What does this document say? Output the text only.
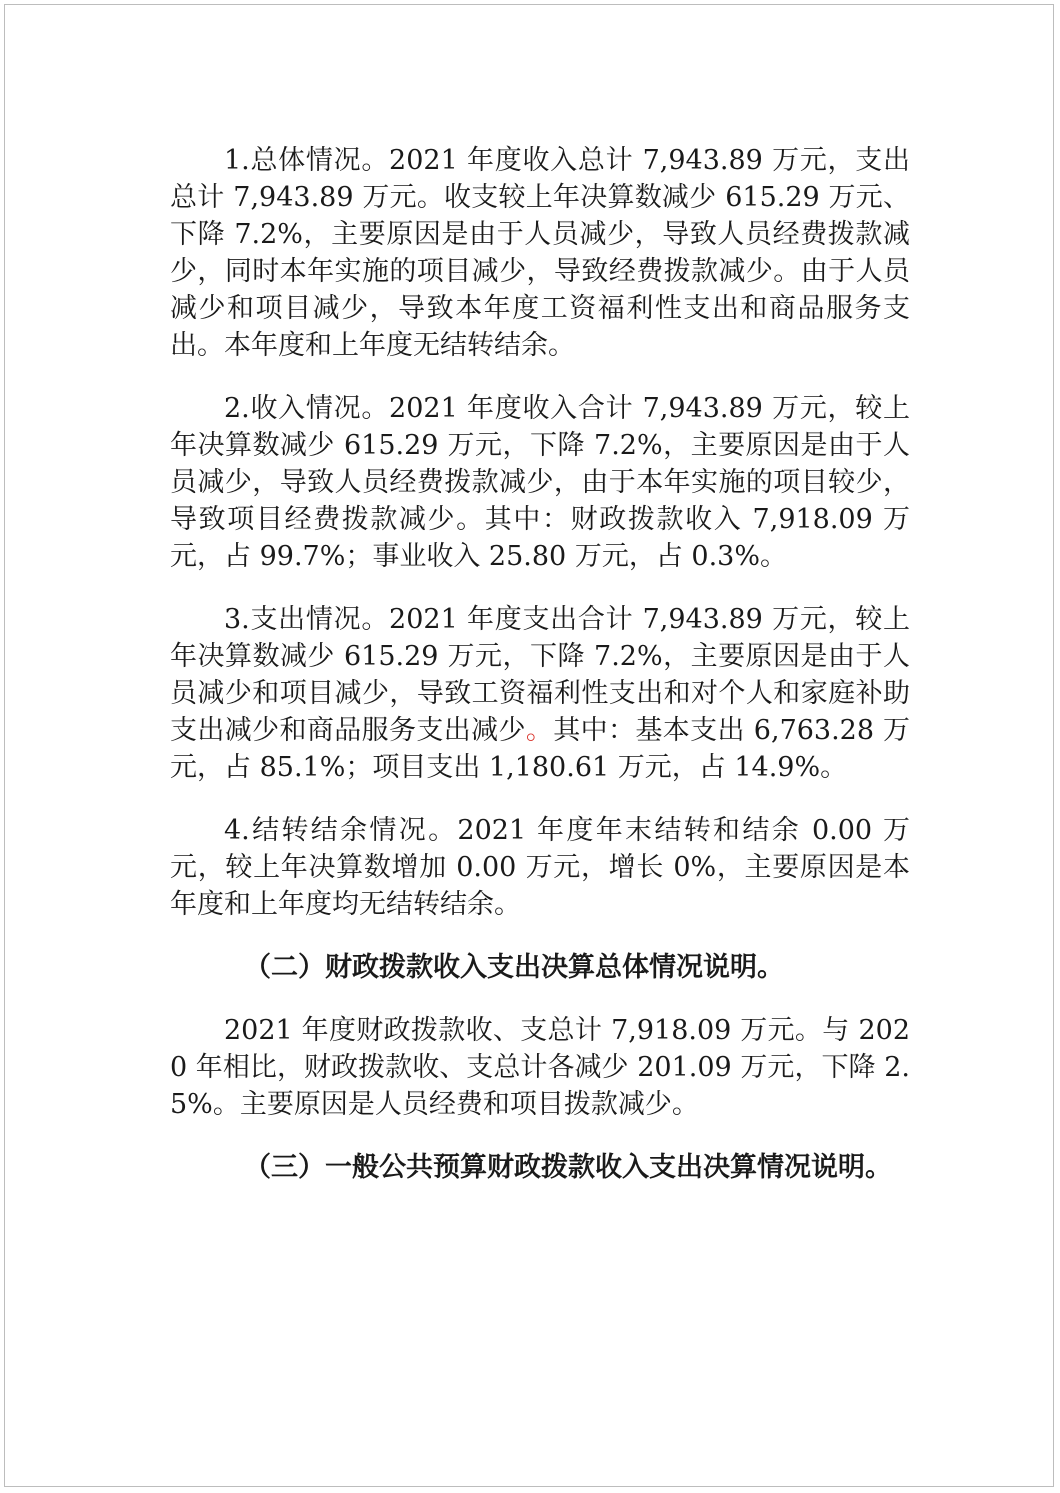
1.总体情况。2021 年度收入总计 7,943.89 万元，支出总计 7,943.89 万元。收支较上年决算数减少 615.29 万元、下降 7.2%，主要原因是由于人员减少，导致人员经费拨款减少，同时本年实施的项目减少，导致经费拨款减少。由于人员减少和项目减少，导致本年度工资福利性支出和商品服务支出。本年度和上年度无结转结余。

2.收入情况。2021 年度收入合计 7,943.89 万元，较上年决算数减少 615.29 万元，下降 7.2%，主要原因是由于人员减少，导致人员经费拨款减少，由于本年实施的项目较少，导致项目经费拨款减少。其中：财政拨款收入 7,918.09 万元，占 99.7%；事业收入 25.80 万元，占 0.3%。

3.支出情况。2021 年度支出合计 7,943.89 万元，较上年决算数减少 615.29 万元，下降 7.2%，主要原因是由于人员减少和项目减少，导致工资福利性支出和对个人和家庭补助支出减少和商品服务支出减少。其中：基本支出 6,763.28 万元，占 85.1%；项目支出 1,180.61 万元，占 14.9%。

4.结转结余情况。2021 年度年末结转和结余 0.00 万元，较上年决算数增加 0.00 万元，增长 0%，主要原因是本年度和上年度均无结转结余。

（二）财政拨款收入支出决算总体情况说明。

2021 年度财政拨款收、支总计 7,918.09 万元。与 2020 年相比，财政拨款收、支总计各减少 201.09 万元，下降 2.5%。主要原因是人员经费和项目拨款减少。

（三）一般公共预算财政拨款收入支出决算情况说明。
